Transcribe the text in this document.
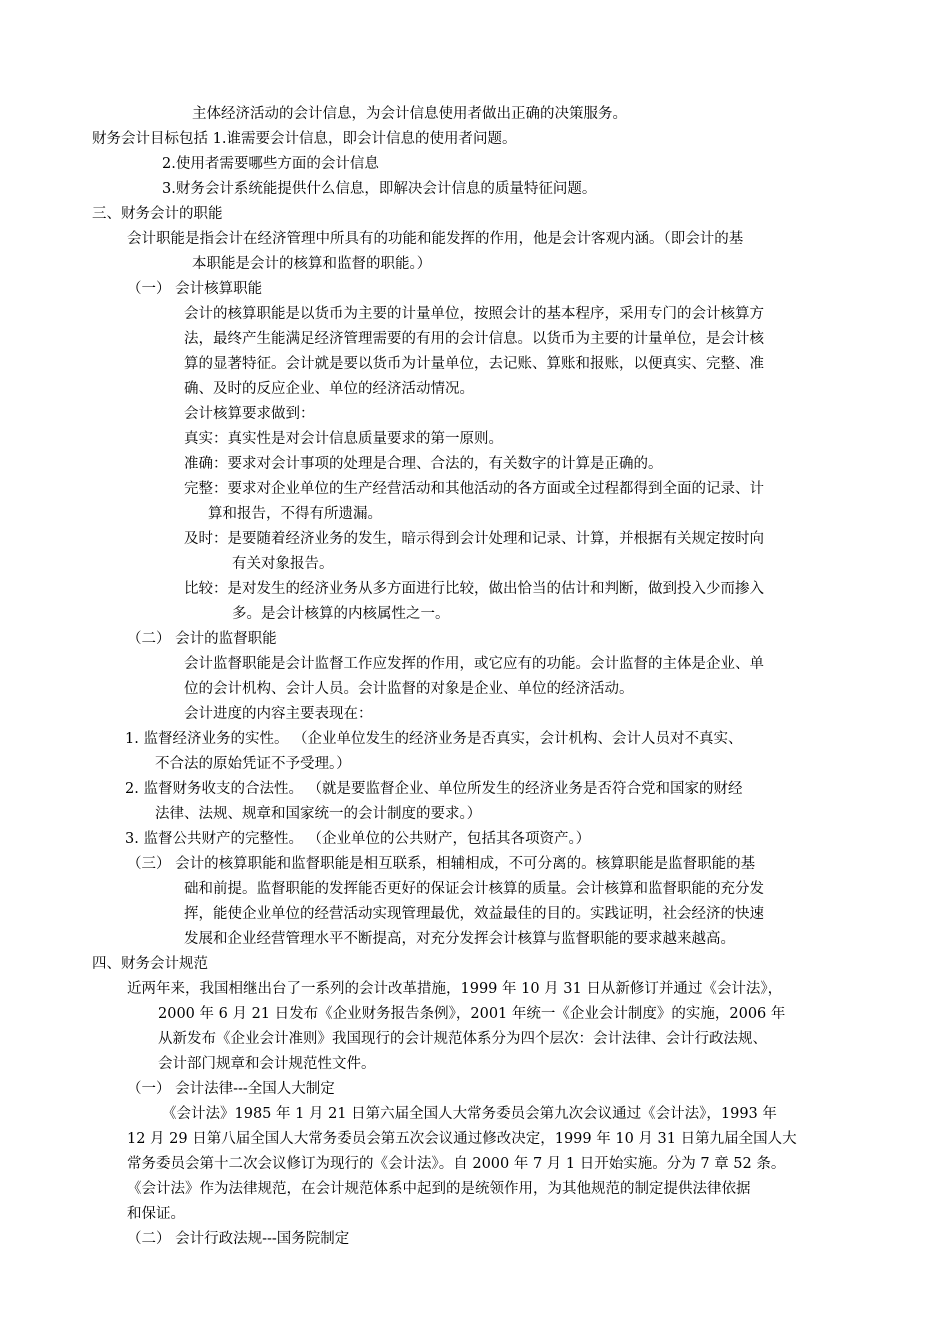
主体经济活动的会计信息，为会计信息使用者做出正确的决策服务。
财务会计目标包括 1.谁需要会计信息，即会计信息的使用者问题。
2.使用者需要哪些方面的会计信息
3.财务会计系统能提供什么信息，即解决会计信息的质量特征问题。
三、财务会计的职能
会计职能是指会计在经济管理中所具有的功能和能发挥的作用，他是会计客观内涵。（即会计的基
本职能是会计的核算和监督的职能。）
（一） 会计核算职能
会计的核算职能是以货币为主要的计量单位，按照会计的基本程序，采用专门的会计核算方
法，最终产生能满足经济管理需要的有用的会计信息。以货币为主要的计量单位，是会计核
算的显著特征。会计就是要以货币为计量单位，去记账、算账和报账，以便真实、完整、准
确、及时的反应企业、单位的经济活动情况。
会计核算要求做到：
真实：真实性是对会计信息质量要求的第一原则。
准确：要求对会计事项的处理是合理、合法的，有关数字的计算是正确的。
完整：要求对企业单位的生产经营活动和其他活动的各方面或全过程都得到全面的记录、计
算和报告，不得有所遗漏。
及时：是要随着经济业务的发生，暗示得到会计处理和记录、计算，并根据有关规定按时向
有关对象报告。
比较：是对发生的经济业务从多方面进行比较，做出恰当的估计和判断，做到投入少而掺入
多。是会计核算的内核属性之一。
（二） 会计的监督职能
会计监督职能是会计监督工作应发挥的作用，或它应有的功能。会计监督的主体是企业、单
位的会计机构、会计人员。会计监督的对象是企业、单位的经济活动。
会计进度的内容主要表现在：
1. 监督经济业务的实性。 （企业单位发生的经济业务是否真实，会计机构、会计人员对不真实、
不合法的原始凭证不予受理。）
2. 监督财务收支的合法性。 （就是要监督企业、单位所发生的经济业务是否符合党和国家的财经
法律、法规、规章和国家统一的会计制度的要求。）
3. 监督公共财产的完整性。 （企业单位的公共财产，包括其各项资产。）
（三） 会计的核算职能和监督职能是相互联系，相辅相成，不可分离的。核算职能是监督职能的基
础和前提。监督职能的发挥能否更好的保证会计核算的质量。会计核算和监督职能的充分发
挥，能使企业单位的经营活动实现管理最优，效益最佳的目的。实践证明，社会经济的快速
发展和企业经营管理水平不断提高，对充分发挥会计核算与监督职能的要求越来越高。
四、财务会计规范
近两年来，我国相继出台了一系列的会计改革措施，1999 年 10 月 31 日从新修订并通过《会计法》，
2000 年 6 月 21 日发布《企业财务报告条例》，2001 年统一《企业会计制度》的实施，2006 年
从新发布《企业会计准则》我国现行的会计规范体系分为四个层次：会计法律、会计行政法规、
会计部门规章和会计规范性文件。
（一） 会计法律---全国人大制定
《会计法》1985 年 1 月 21 日第六届全国人大常务委员会第九次会议通过《会计法》，1993 年
12 月 29 日第八届全国人大常务委员会第五次会议通过修改决定，1999 年 10 月 31 日第九届全国人大
常务委员会第十二次会议修订为现行的《会计法》。自 2000 年 7 月 1 日开始实施。分为 7 章 52 条。
《会计法》作为法律规范，在会计规范体系中起到的是统领作用，为其他规范的制定提供法律依据
和保证。
（二） 会计行政法规---国务院制定
